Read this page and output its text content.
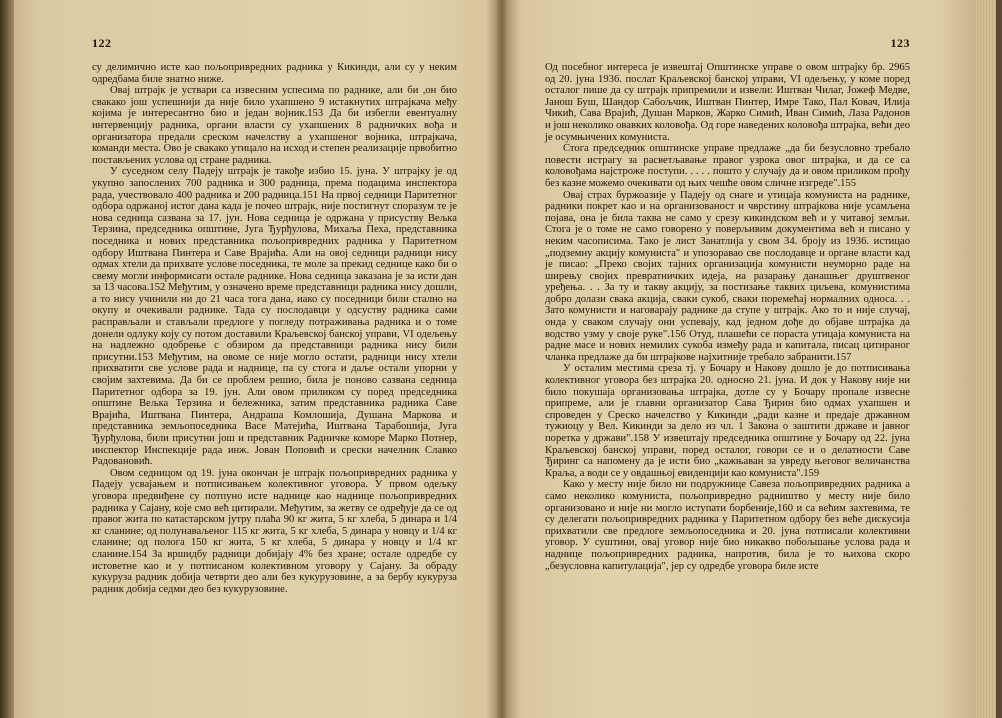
122

су делимично исте као пољопривредних радника у Кикинди, али су у неким одредбама биле знатно ниже.

Овај штрајк је уствари са извесним успесима по раднике, али би ,он био свакако још успешнији да није било ухапшено 9 истакнутих штрајкача међу којима је интересантно био и један војник.153 Да би избегли евентуалну интервенцију радника, органи власти су ухапшених 8 радничких вођа и организатора предали среском начелству а ухапшеног војника, штрајкача, команди места. Ово је свакако утицало на исход и степен реализације првобитно постављених услова од стране радника.

У суседном селу Падеју штрајк је такође избио 15. јуна. У штрајку је од укупно запослених 700 радника и 300 радница, према подацима инспектора рада, учествовало 400 радника и 200 радница.151 На првој седници Паритетног одбора одржаној истог дана када је почео штрајк, није постигнут споразум те је нова седница сазвана за 17. јун. Нова седница је одржана у присуству Вељка Терзина, председника општине, Југа Ђурђулова, Михаља Пеха, представника поседника и нових представника пољопривредних радника у Паритетном одбору Иштвана Пинтера и Саве Врајића. Али на овој седници радници нису одмах хтели да прихвате услове поседника, те моле за прекид седнице како би о свему могли информисати остале раднике. Нова седница заказана је за исти дан за 13 часова.152 Међутим, у означено време представници радника нису дошли, а то нису учинили ни до 21 часа тога дана, иако су поседници били стално на окупу и очекивали раднике. Тада су послодавци у одсуству радника сами расправљали и стављали предлоге у погледу потраживања радника и о томе донели одлуку коју су потом доставили Краљевској банској управи, VI одељењу на надлежно одобрење с обзиром да представници радника нису били присутни.153 Међутим, на овоме се није могло остати, радници нису хтели прихватити све услове рада и наднице, па су стога и даље остали упорни у својим захтевима. Да би се проблем решио, била је поново сазвана седница Паритетног одбора за 19. јун. Али овом приликом су поред председника општине Вељка Терзина и бележника, затим представника радника Саве Врајића, Иштвана Пинтера, Андраша Комлошија, Душана Маркова и представника земљопоседника Васе Матејића, Иштвана Тарабошија, Југа Ђурђулова, били присутни још и представник Радничке коморе Марко Потнер, инспектор Инспекције рада инж. Јован Поповић и срески начелник Славко Радовановић.

Овом седницом од 19. јуна окончан је штрајк пољопривредних радника у Падеју усвајањем и потписивањем колективног уговора. У првом одељку уговора предвиђене су потпуно исте наднице као наднице пољопривредних радника у Сајану, које смо већ цитирали. Међутим, за жетву се одређује да се од правог жита по катастарском јутру плаћа 90 кг жита, 5 кг хлеба, 5 динара и 1/4 кг сланине; од полунаваљеног 115 кг жита, 5 кг хлеба, 5 динара у новцу и 1/4 кг сланине; од полога 150 кг жита, 5 кг хлеба, 5 динара у новцу и 1/4 кг сланине.154 За вршидбу радници добијају 4% без хране; остале одредбе су истоветне као и у потписаном колективном уговору у Сајану. За обраду кукуруза радник добија четврти део али без кукурузовине, а за бербу кукуруза радник добија седми део без кукурузовине.

123

Од посебног интереса је извештај Општинске управе о овом штрајку бр. 2965 од 20. јуна 1936. послат Краљевској банској управи, VI одељењу, у коме поред осталог пише да су штрајк припремили и извели: Иштван Чилаг, Јожеф Медве, Јанош Буш, Шандор Сабољчик, Иштван Пинтер, Имре Тако, Пал Ковач, Илија Чикић, Сава Врајић, Душан Марков, Жарко Симић, Иван Симић, Лаза Радонов и још неколико овавких коловођа. Од горе наведених коловођа штрајка, већи део је осумњичених комуниста.

Стога председник општинске управе предлаже „да би безусловно требало повести истрагу за расветљавање правог узрока овог штрајка, и да се са коловођама најстроже поступи. . . . . поштo у случају да и овом приликом прођу без казне можемо очекивати од њих чешће овом сличне изгреде".155

Овај страх буржоазије у Падеју од снаге и утицаја комуниста на раднике, радники покрет као и на организованост и чврстину штрајкова није усамљена појава, она је била таква не само у срезу кикиндском већ и у читавој земљи. Стога је о томе не само говорено у поверљивим документима већ и писано у неким часописима. Тако је лист Занатлија у свом 34. броју из 1936. истицао „подземну акцију комуниста" и упозоравао све послодавце и органе власти кад је писао: „Преко својих тајних организација комунисти неуморно раде на ширењу својих превратничких идеја, на разарању данашњег друштвеног уређења. . . За ту и такву акцију, за постизање таквих циљева, комунистима добро долази свака акција, сваки сукоб, сваки поремећај нормалних односа. . . Зато комунисти и наговарају раднике да ступе у штрајк. Ако то и није случај, онда у сваком случају они успевају, кад једном дође до објаве штрајка да водство узму у своје руке".156 Отуд, плашећи се пораста утицаја комуниста на радне масе и нових немилих сукоба између рада и капитала, писац цитираног чланка предлаже да би штрајкове најхитније требало забранити.157

У осталим местима среза тј. у Бочару и Накову дошло је до потписивања колективног уговора без штрајка 20. односно 21. јуна. И док у Накову није ни било покушаја организовања штрајка, дотле су у Бочару пропале извесне припреме, али је главни организатор Сава Ђирин био одмах ухапшен и спроведен у Среско начелство у Кикинди „ради казне и предаје државном тужиоцу у Вел. Кикинди за дело из чл. 1 Закона о заштити државе и јавног поретка у држави".158 У извештају председника општине у Бочару од 22. јуна Краљевској банској управи, поред осталог, говори се и о делатности Саве Ђиринг са напомену да је исти био „кажњаван за увреду његовог величанства Краља, а води се у овдашњој евиденцији као комуниста".159

Како у месту није било ни подружнице Савеза пољопривредних радника а само неколико комуниста, пољопривредно радништво у месту није било организовано и није ни могло иступати борбеније,160 и са већим захтевима, те су делегати пољопривредних радника у Паритетном одбору без веће дискусија прихватили све предлоге земљопоседника и 20. јуна потписали колективни уговор. У суштини, овај уговор није био никакво побољшање услова рада и наднице пољопривредних радника, напротив, била је то њихова скоро „безусловна капитулација", јер су одредбе уговора биле исте
